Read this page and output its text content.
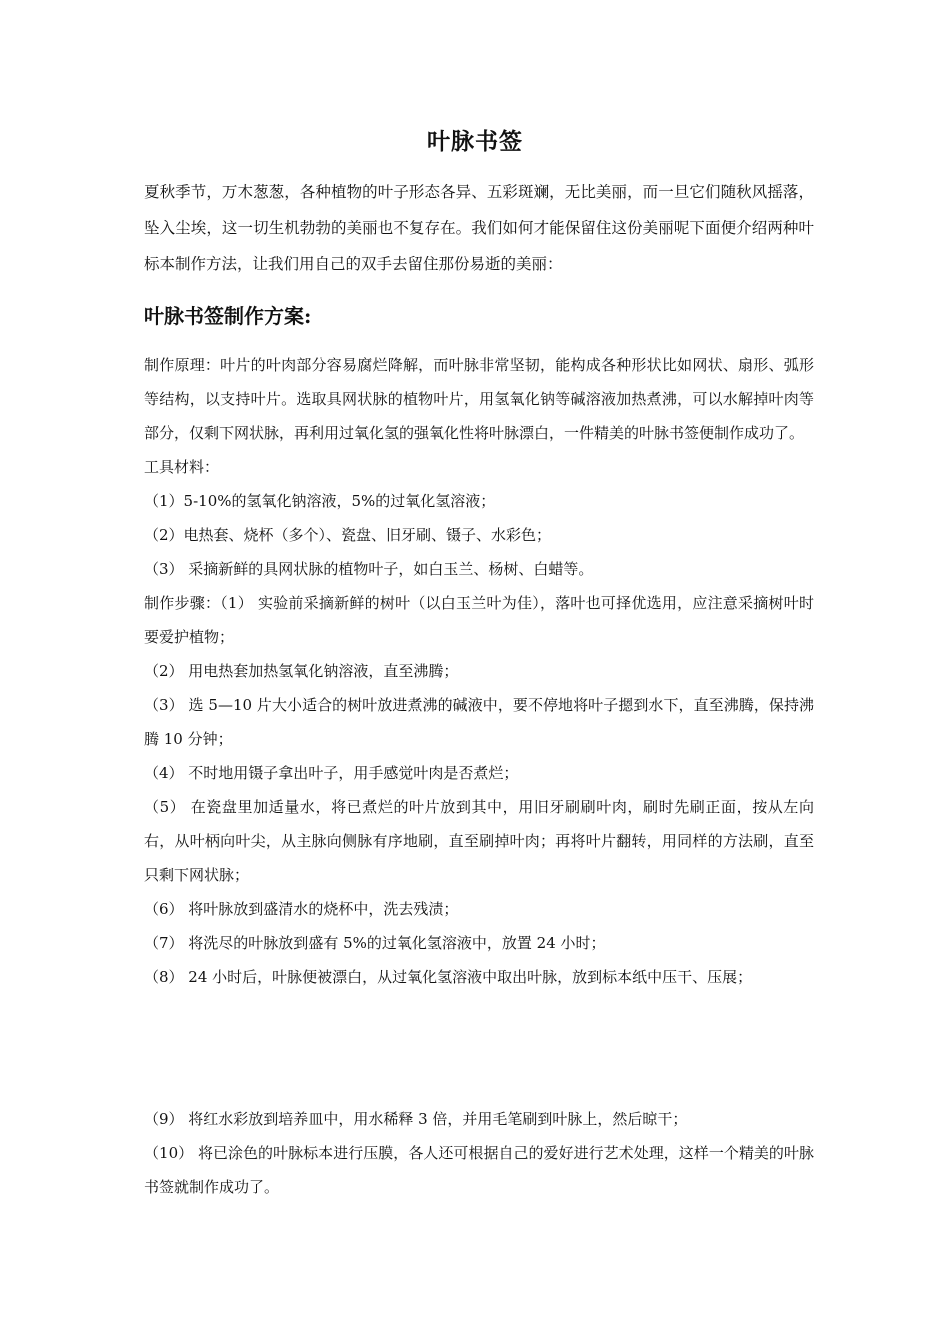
叶脉书签

夏秋季节，万木葱葱，各种植物的叶子形态各异、五彩斑斓，无比美丽，而一旦它们随秋风摇落，坠入尘埃，这一切生机勃勃的美丽也不复存在。我们如何才能保留住这份美丽呢下面便介绍两种叶标本制作方法，让我们用自己的双手去留住那份易逝的美丽：

叶脉书签制作方案:
制作原理：叶片的叶肉部分容易腐烂降解，而叶脉非常坚韧，能构成各种形状比如网状、扇形、弧形等结构，以支持叶片。选取具网状脉的植物叶片，用氢氧化钠等碱溶液加热煮沸，可以水解掉叶肉等部分，仅剩下网状脉，再利用过氧化氢的强氧化性将叶脉漂白，一件精美的叶脉书签便制作成功了。
工具材料：
（1）5-10%的氢氧化钠溶液，5%的过氧化氢溶液；
（2）电热套、烧杯（多个）、瓷盘、旧牙刷、镊子、水彩色；
（3） 采摘新鲜的具网状脉的植物叶子，如白玉兰、杨树、白蜡等。
制作步骤：（1） 实验前采摘新鲜的树叶（以白玉兰叶为佳），落叶也可择优选用，应注意采摘树叶时要爱护植物；
（2） 用电热套加热氢氧化钠溶液，直至沸腾；
（3） 选 5—10 片大小适合的树叶放进煮沸的碱液中，要不停地将叶子摁到水下，直至沸腾，保持沸腾 10 分钟；
（4） 不时地用镊子拿出叶子，用手感觉叶肉是否煮烂；
（5） 在瓷盘里加适量水，将已煮烂的叶片放到其中，用旧牙刷刷叶肉，刷时先刷正面，按从左向右，从叶柄向叶尖，从主脉向侧脉有序地刷，直至刷掉叶肉；再将叶片翻转，用同样的方法刷，直至只剩下网状脉；
（6） 将叶脉放到盛清水的烧杯中，洗去残渍；
（7） 将洗尽的叶脉放到盛有 5%的过氧化氢溶液中，放置 24 小时；
（8） 24 小时后，叶脉便被漂白，从过氧化氢溶液中取出叶脉，放到标本纸中压干、压展；
（9） 将红水彩放到培养皿中，用水稀释 3 倍，并用毛笔刷到叶脉上，然后晾干；
（10） 将已涂色的叶脉标本进行压膜，各人还可根据自己的爱好进行艺术处理，这样一个精美的叶脉书签就制作成功了。
